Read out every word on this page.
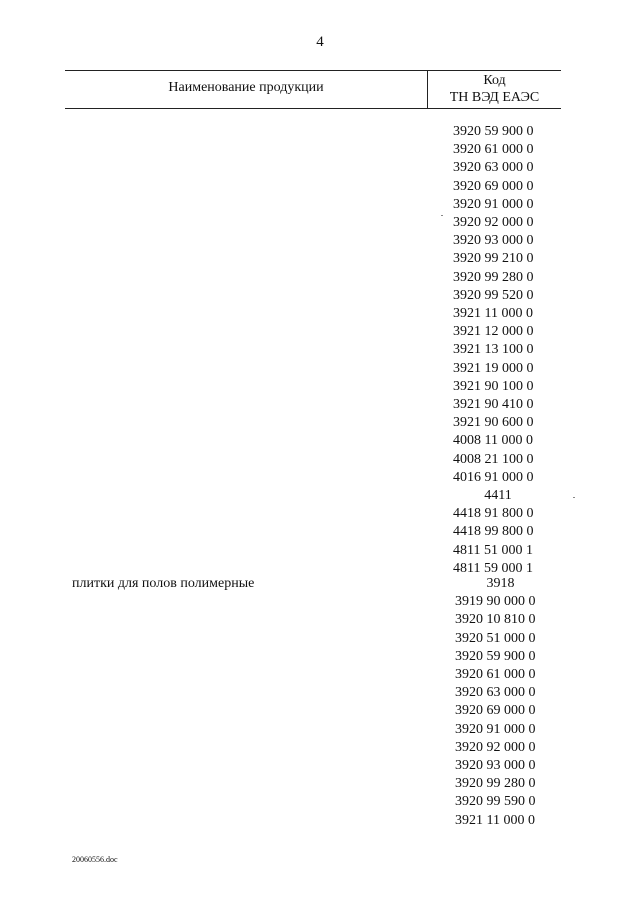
4
Наименование продукции	Код
ТН ВЭД ЕАЭС
3920 59 900 0
3920 61 000 0
3920 63 000 0
3920 69 000 0
3920 91 000 0
3920 92 000 0
3920 93 000 0
3920 99 210 0
3920 99 280 0
3920 99 520 0
3921 11 000 0
3921 12 000 0
3921 13 100 0
3921 19 000 0
3921 90 100 0
3921 90 410 0
3921 90 600 0
4008 11 000 0
4008 21 100 0
4016 91 000 0
4411
4418 91 800 0
4418 99 800 0
4811 51 000 1
4811 59 000 1
плитки для полов полимерные	3918
3919 90 000 0
3920 10 810 0
3920 51 000 0
3920 59 900 0
3920 61 000 0
3920 63 000 0
3920 69 000 0
3920 91 000 0
3920 92 000 0
3920 93 000 0
3920 99 280 0
3920 99 590 0
3921 11 000 0
20060556.doc
